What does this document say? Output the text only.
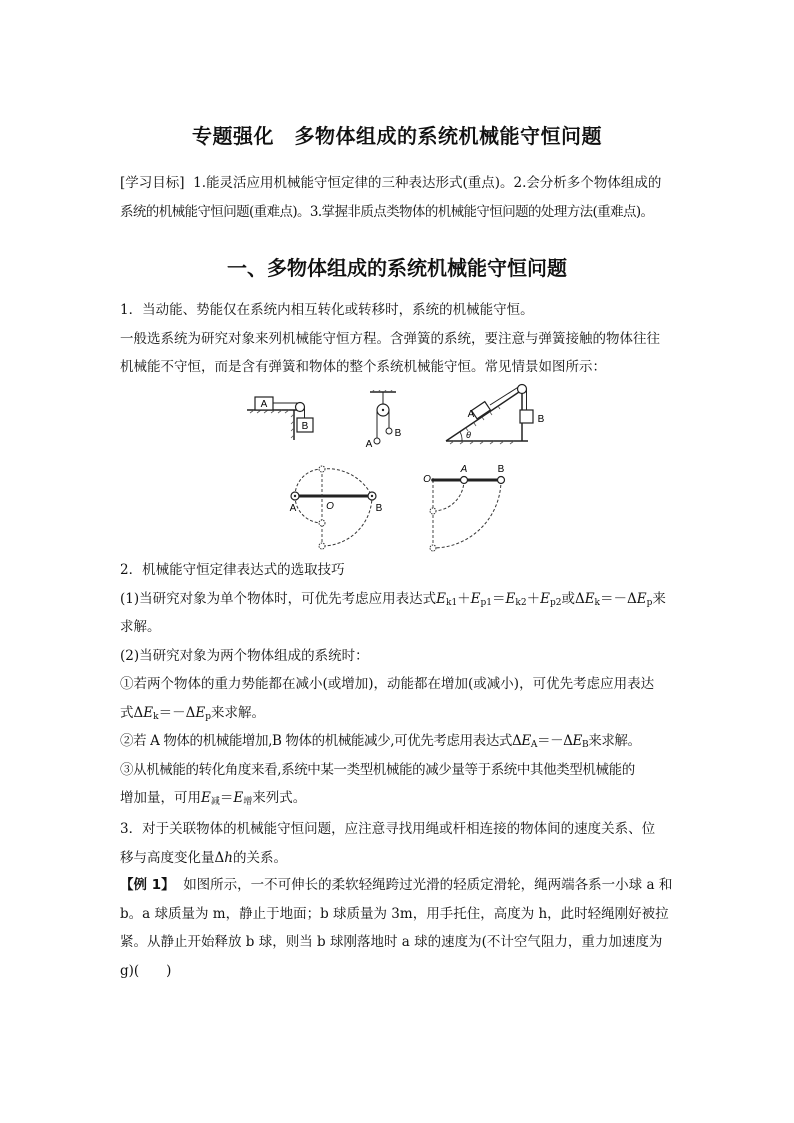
专题强化　多物体组成的系统机械能守恒问题
[学习目标] 1.能灵活应用机械能守恒定律的三种表达形式(重点)。2.会分析多个物体组成的
系统的机械能守恒问题(重难点)。3.掌握非质点类物体的机械能守恒问题的处理方法(重难点)。
一、多物体组成的系统机械能守恒问题
1．当动能、势能仅在系统内相互转化或转移时，系统的机械能守恒。
一般选系统为研究对象来列机械能守恒方程。含弹簧的系统，要注意与弹簧接触的物体往往
机械能不守恒，而是含有弹簧和物体的整个系统机械能守恒。常见情景如图所示：
A
B
A
B	θ
A	B
A	O	B
O
A	B
2．机械能守恒定律表达式的选取技巧
(1)当研究对象为单个物体时，可优先考虑应用表达式$E_{k1}+E_{p1}=E_{k2}+E_{p2}$或$\Delta E_k=-\Delta E_p$来
求解。
(2)当研究对象为两个物体组成的系统时：
①若两个物体的重力势能都在减小(或增加)，动能都在增加(或减小)，可优先考虑应用表达
式$\Delta E_k=-\Delta E_p$来求解。
②若 A 物体的机械能增加,B 物体的机械能减少,可优先考虑用表达式$\Delta E_A=-\Delta E_B$来求解。
③从机械能的转化角度来看,系统中某一类型机械能的减少量等于系统中其他类型机械能的
增加量，可用$E_减=E_增$来列式。
3．对于关联物体的机械能守恒问题，应注意寻找用绳或杆相连接的物体间的速度关系、位
移与高度变化量Δh的关系。
【例 1】 如图所示，一不可伸长的柔软轻绳跨过光滑的轻质定滑轮，绳两端各系一小球 a 和
b。a 球质量为 m，静止于地面；b 球质量为 3m，用手托住，高度为 h，此时轻绳刚好被拉
紧。从静止开始释放 b 球，则当 b 球刚落地时 a 球的速度为(不计空气阻力，重力加速度为
g)(　　)
